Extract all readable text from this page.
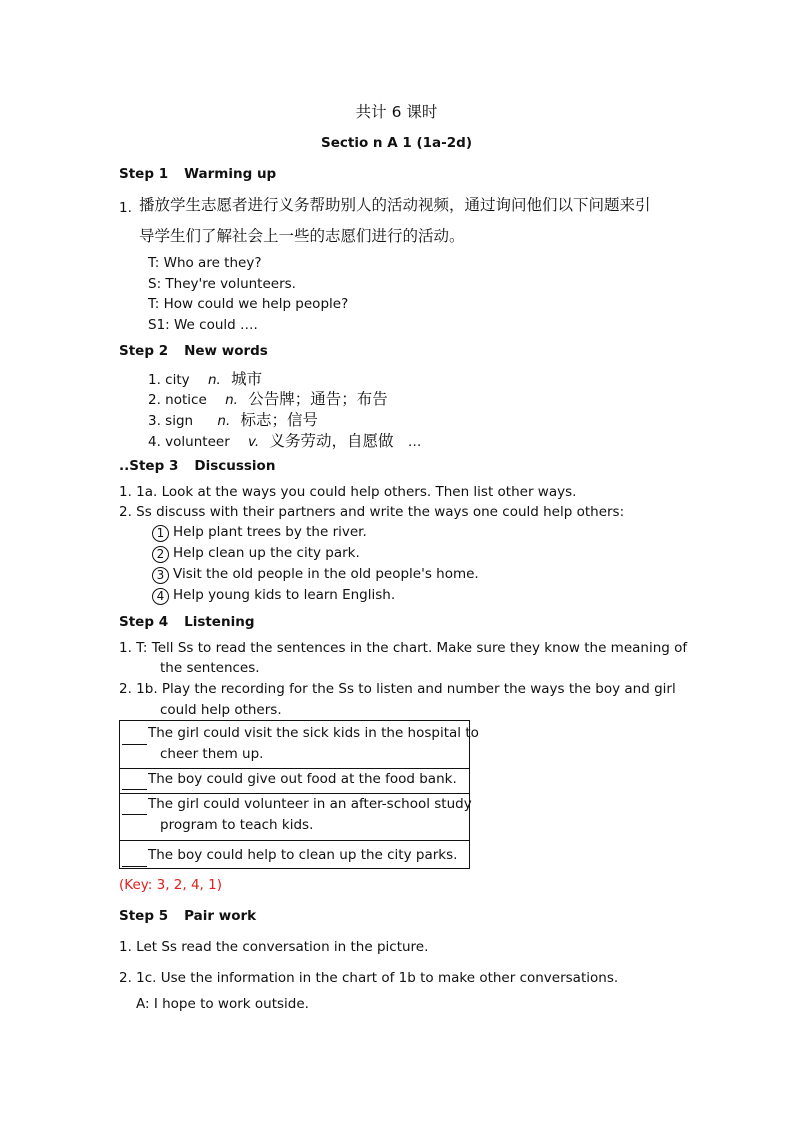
共计 6 课时
Sectio n A 1 (1a-2d)
Step 1 Warming up
1. 播放学生志愿者进行义务帮助别人的活动视频，通过询问他们以下问题来引
导学生们了解社会上一些的志愿们进行的活动。
T: Who are they?
S: They're volunteers.
T: How could we help people?
S1: We could ….
Step 2 New words
1. city n. 城市
2. notice n. 公告牌；通告；布告
3. sign n. 标志；信号
4. volunteer v. 义务劳动，自愿做 …
..Step 3 Discussion
1. 1a. Look at the ways you could help others. Then list other ways.
2. Ss discuss with their partners and write the ways one could help others:
1 Help plant trees by the river.
2 Help clean up the city park.
3 Visit the old people in the old people's home.
4 Help young kids to learn English.
Step 4 Listening
1. T: Tell Ss to read the sentences in the chart. Make sure they know the meaning of
the sentences.
2. 1b. Play the recording for the Ss to listen and number the ways the boy and girl
could help others.
The girl could visit the sick kids in the hospital to
cheer them up.
The boy could give out food at the food bank.
The girl could volunteer in an after-school study
program to teach kids.
The boy could help to clean up the city parks.
(Key: 3, 2, 4, 1)
Step 5 Pair work
1. Let Ss read the conversation in the picture.
2. 1c. Use the information in the chart of 1b to make other conversations.
A: I hope to work outside.
